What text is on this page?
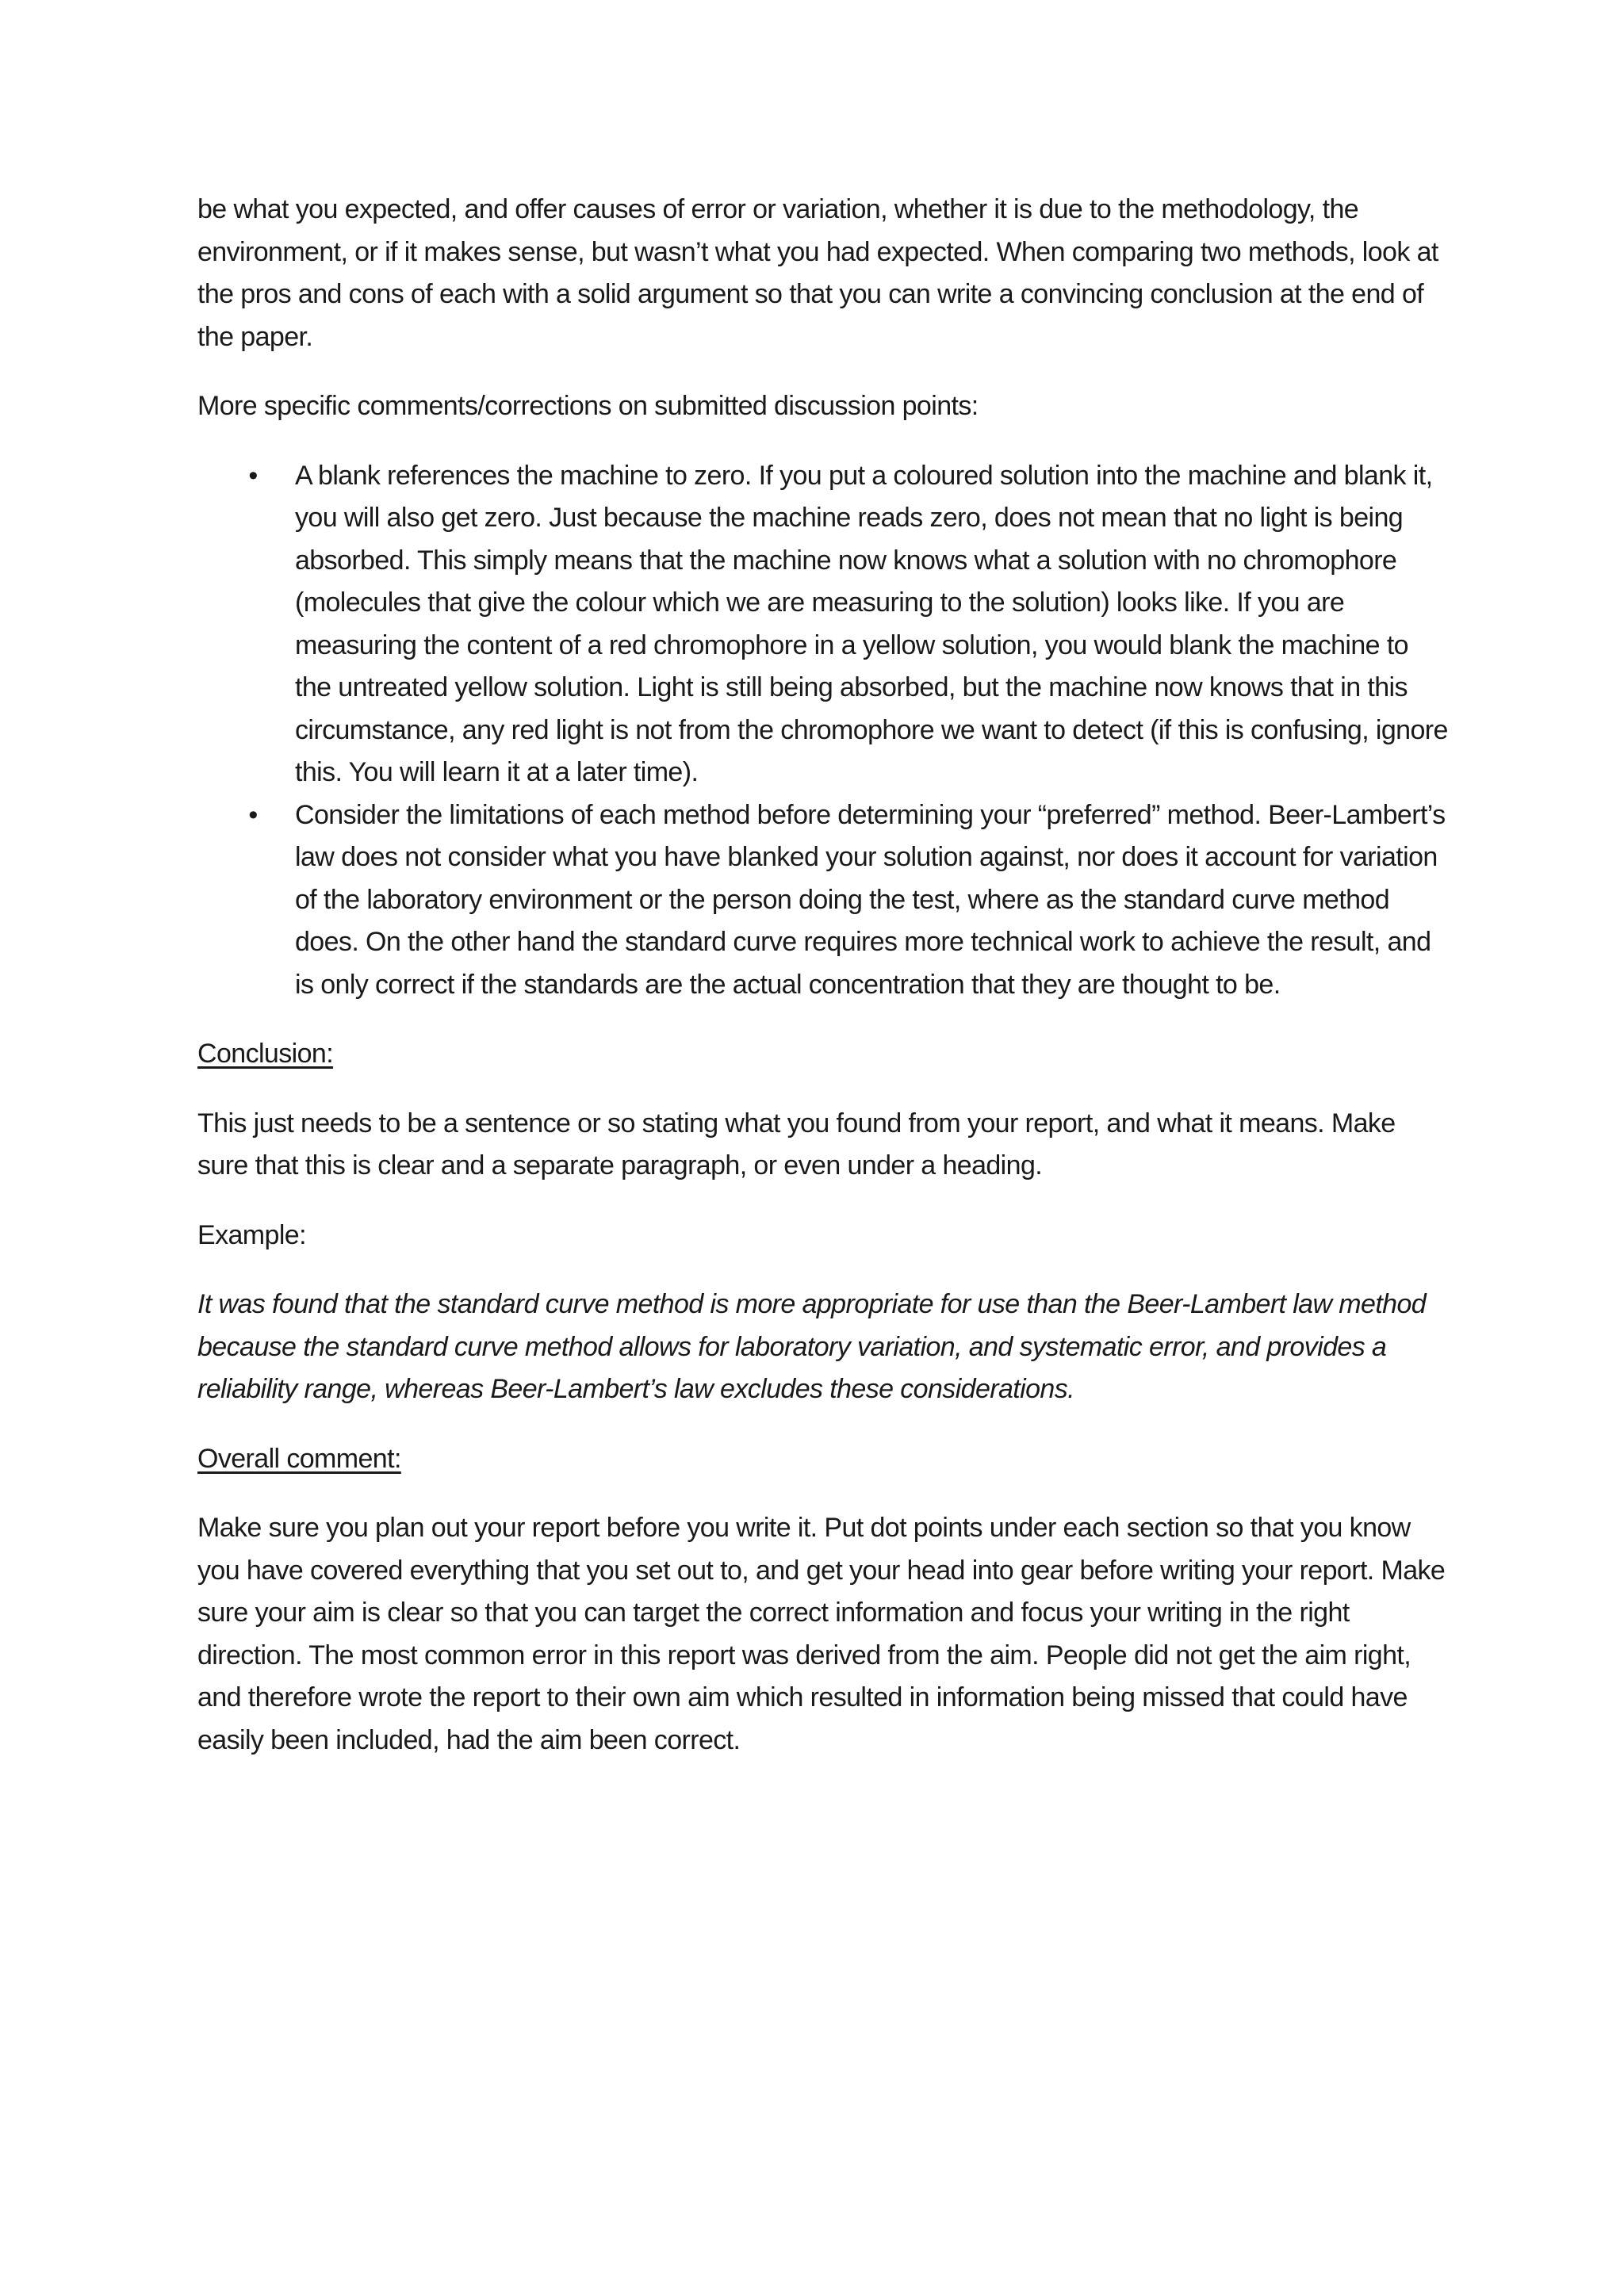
be what you expected, and offer causes of error or variation, whether it is due to the methodology, the environment, or if it makes sense, but wasn’t what you had expected. When comparing two methods, look at the pros and cons of each with a solid argument so that you can write a convincing conclusion at the end of the paper.

More specific comments/corrections on submitted discussion points:

• A blank references the machine to zero. If you put a coloured solution into the machine and blank it, you will also get zero. Just because the machine reads zero, does not mean that no light is being absorbed. This simply means that the machine now knows what a solution with no chromophore (molecules that give the colour which we are measuring to the solution) looks like. If you are measuring the content of a red chromophore in a yellow solution, you would blank the machine to the untreated yellow solution. Light is still being absorbed, but the machine now knows that in this circumstance, any red light is not from the chromophore we want to detect (if this is confusing, ignore this. You will learn it at a later time).
• Consider the limitations of each method before determining your “preferred” method. Beer-Lambert’s law does not consider what you have blanked your solution against, nor does it account for variation of the laboratory environment or the person doing the test, where as the standard curve method does. On the other hand the standard curve requires more technical work to achieve the result, and is only correct if the standards are the actual concentration that they are thought to be.

Conclusion:

This just needs to be a sentence or so stating what you found from your report, and what it means. Make sure that this is clear and a separate paragraph, or even under a heading.

Example:

It was found that the standard curve method is more appropriate for use than the Beer-Lambert law method because the standard curve method allows for laboratory variation, and systematic error, and provides a reliability range, whereas Beer-Lambert’s law excludes these considerations.

Overall comment:

Make sure you plan out your report before you write it. Put dot points under each section so that you know you have covered everything that you set out to, and get your head into gear before writing your report. Make sure your aim is clear so that you can target the correct information and focus your writing in the right direction. The most common error in this report was derived from the aim. People did not get the aim right, and therefore wrote the report to their own aim which resulted in information being missed that could have easily been included, had the aim been correct.
